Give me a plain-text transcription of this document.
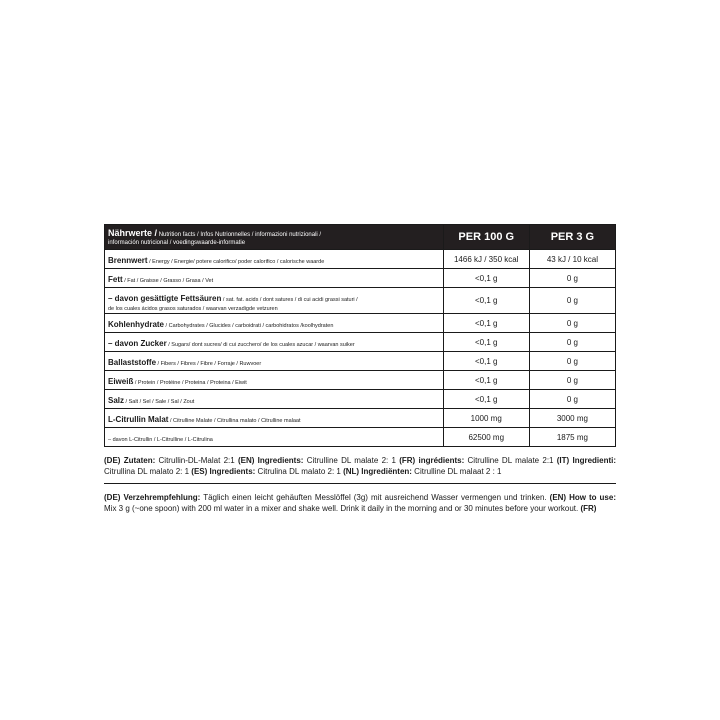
Nährwerte / Nutrition facts / Infos Nutrionnelles / informazioni nutrizionali /
información nutricional / voedingswaarde-informatie	PER 100 G	PER 3 G
Brennwert / Energy / Energie/ potere calorifico/ poder calorifico / calorische waarde	1466 kJ / 350 kcal	43 kJ / 10 kcal
Fett / Fat / Graisse / Grasso / Grasa / Vet	<0,1 g	0 g

– davon gesättigte Fettsäuren / sat. fat. acids / dont satures / di cui acidi grassi saturi /
de los cuales ácidos grasos saturados / waarvan verzadigde vetzuren	<0,1 g	0 g
Kohlenhydrate / Carbohydrates / Glucides / carboidrati / carbohidratos /koolhydraten	<0,1 g	0 g
– davon Zucker / Sugars/ dont sucres/ di cui zucchero/ de los cuales azucar / waarvan suiker	<0,1 g	0 g
Ballaststoffe / Fibers / Fibres / Fibre / Forraje / Ruwvoer	<0,1 g	0 g
Eiweiß / Protein / Protéine / Proteina / Proteina / Eiwit	<0,1 g	0 g
Salz / Salt / Sel / Sale / Sal / Zout	<0,1 g	0 g
L-Citrullin Malat / Citrulline Malate / Citrullina malato / Citrulline malaat	1000 mg	3000 mg
– davon L-Citrullin / L-Citrulline / L-Citrulina	62500 mg	1875 mg
(DE) Zutaten: Citrullin-DL-Malat 2:1 (EN) Ingredients: Citrulline DL malate 2: 1 (FR) ingrédients: Citrulline DL malate 2:1 (IT) Ingredienti: Citrullina DL malato 2: 1 (ES) Ingredients: Citrulina DL malato 2: 1 (NL) Ingrediënten: Citrulline DL malaat 2 : 1
(DE) Verzehrempfehlung: Täglich einen leicht gehäuften Messlöffel (3g) mit ausreichend Wasser vermengen und trinken. (EN) How to use: Mix 3 g (~one spoon) with 200 ml water in a mixer and shake well. Drink it daily in the morning and or 30 minutes before your workout. (FR)
